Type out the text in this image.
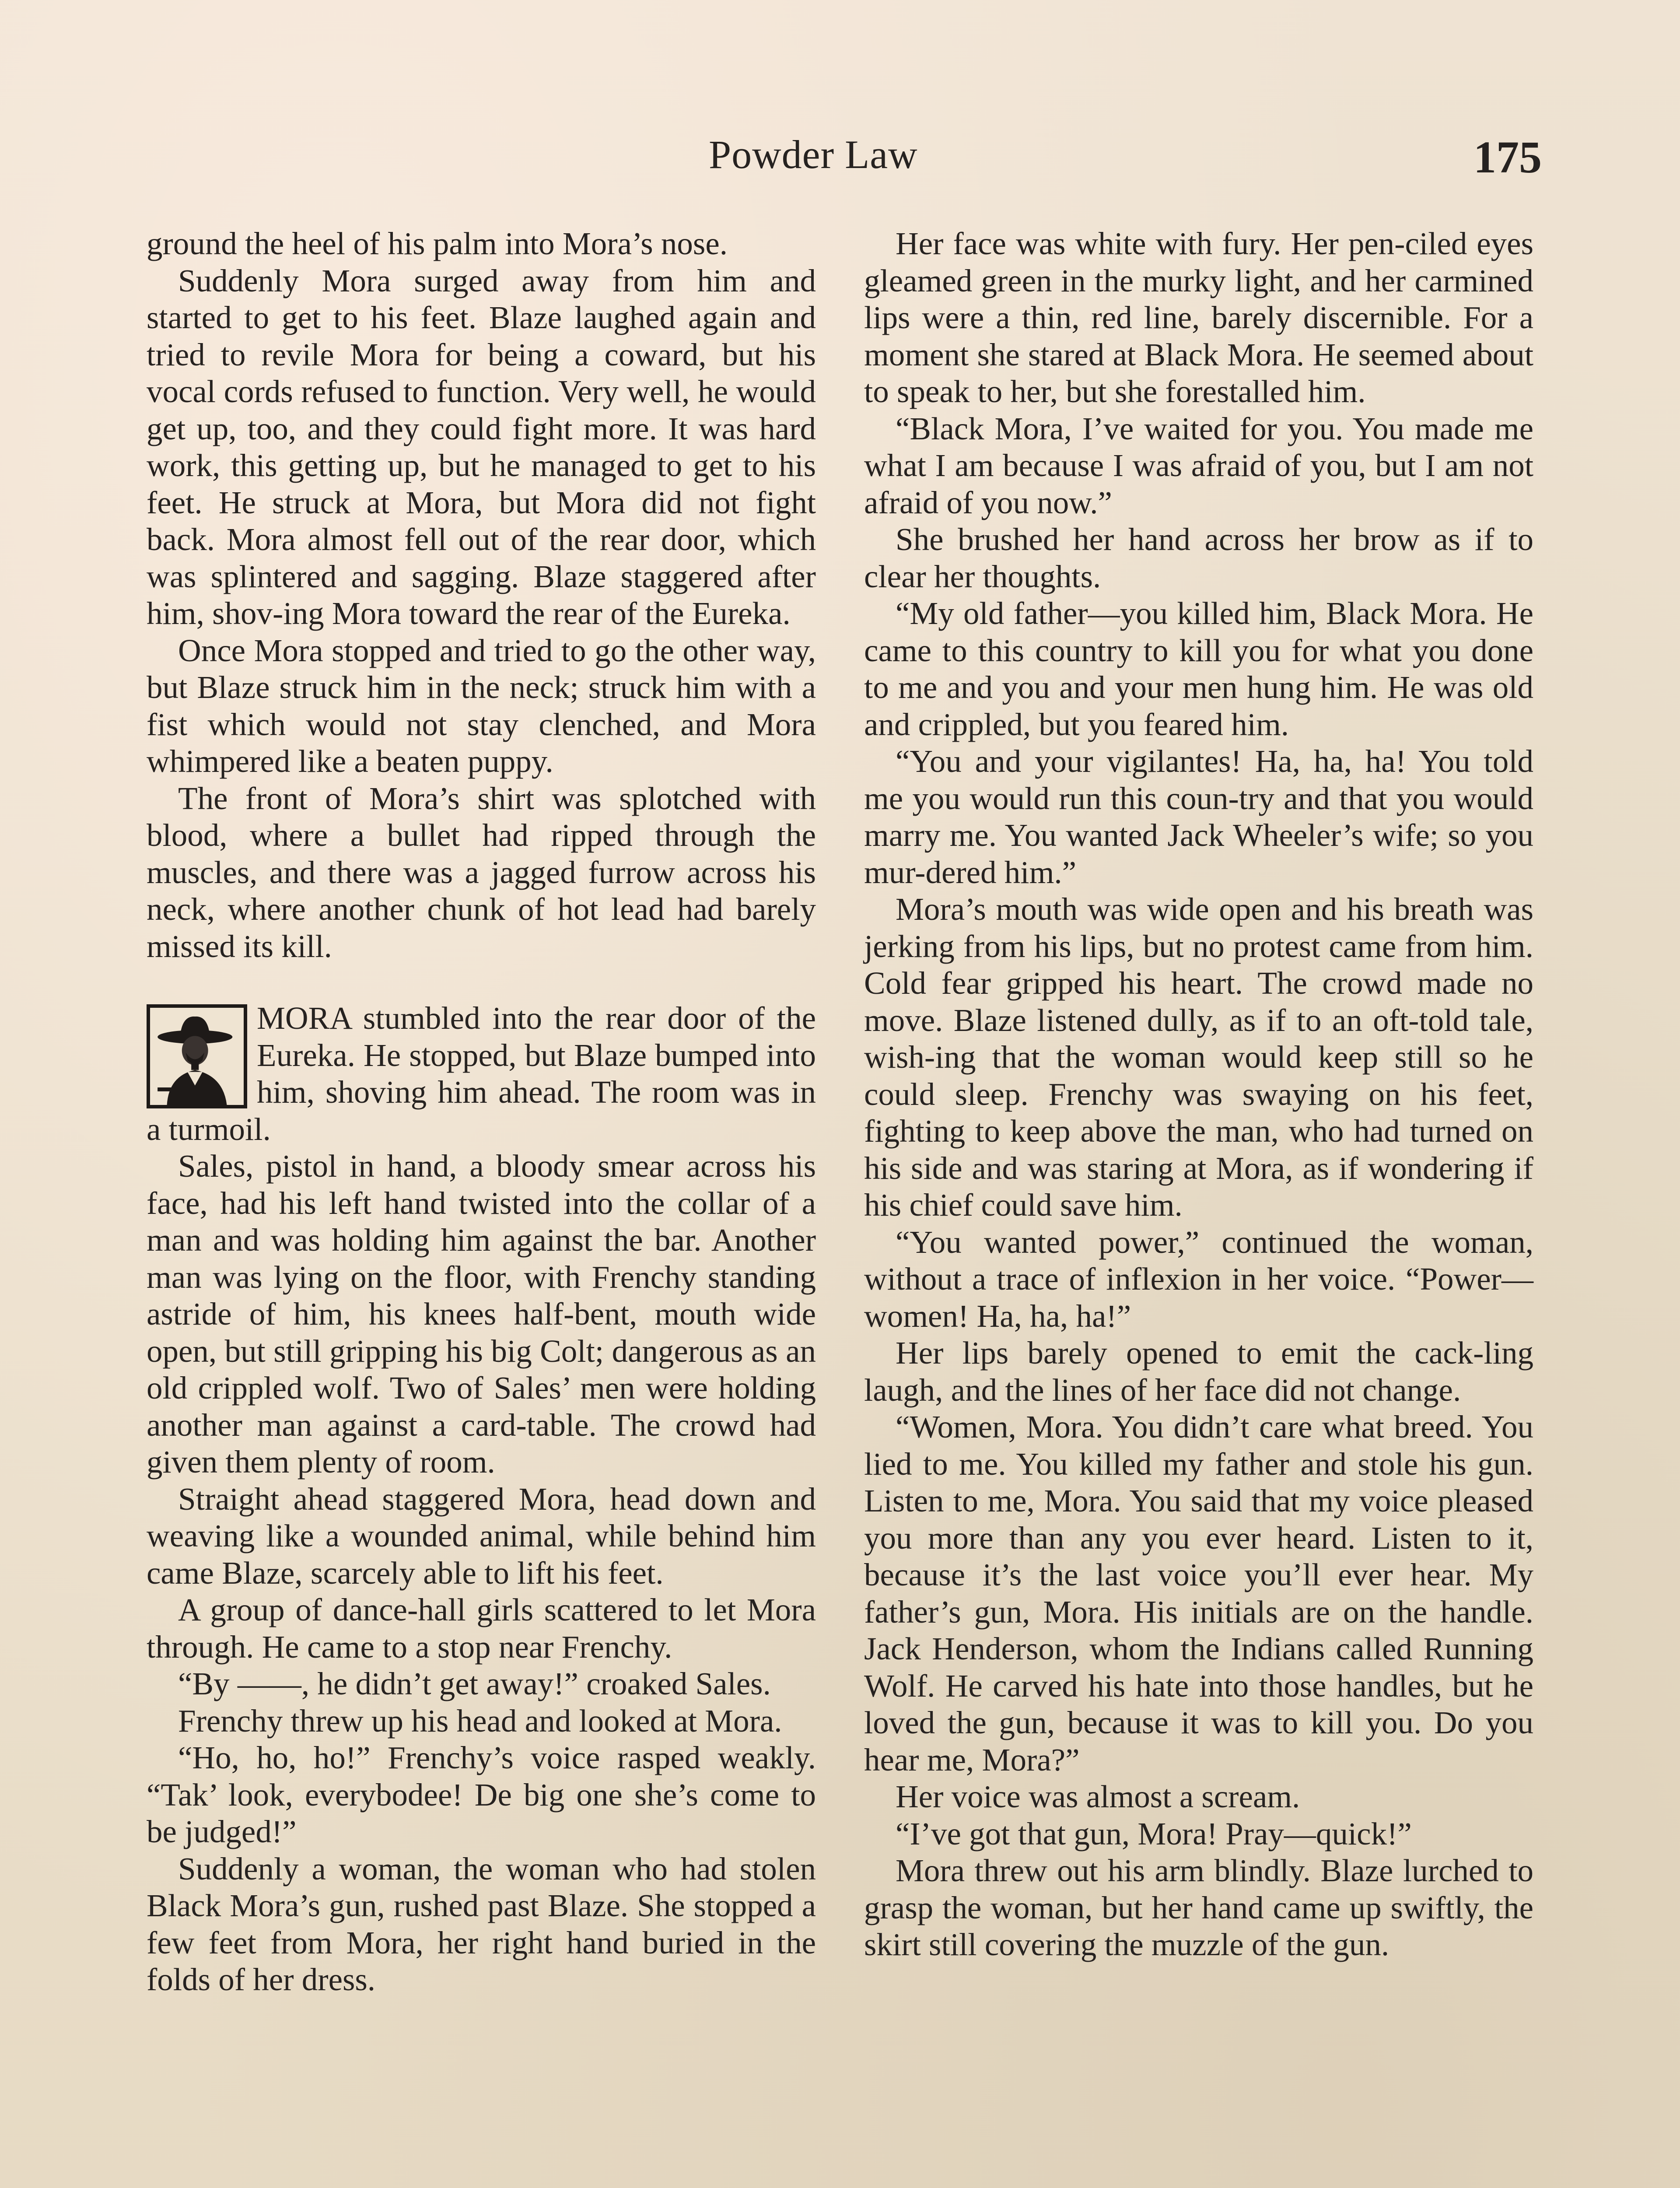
Powder Law	175

ground the heel of his palm into Mora’s nose.

Suddenly Mora surged away from him and started to get to his feet. Blaze laughed again and tried to revile Mora for being a coward, but his vocal cords refused to function. Very well, he would get up, too, and they could fight more. It was hard work, this getting up, but he managed to get to his feet. He struck at Mora, but Mora did not fight back. Mora almost fell out of the rear door, which was splintered and sagging. Blaze staggered after him, shov-ing Mora toward the rear of the Eureka.

Once Mora stopped and tried to go the other way, but Blaze struck him in the neck; struck him with a fist which would not stay clenched, and Mora whimpered like a beaten puppy.

The front of Mora’s shirt was splotched with blood, where a bullet had ripped through the muscles, and there was a jagged furrow across his neck, where another chunk of hot lead had barely missed its kill.

MORA stumbled into the rear door of the Eureka. He stopped, but Blaze bumped into him, shoving him ahead. The room was in a turmoil.

Sales, pistol in hand, a bloody smear across his face, had his left hand twisted into the collar of a man and was holding him against the bar. Another man was lying on the floor, with Frenchy standing astride of him, his knees half-bent, mouth wide open, but still gripping his big Colt; dangerous as an old crippled wolf. Two of Sales’ men were holding another man against a card-table. The crowd had given them plenty of room.

Straight ahead staggered Mora, head down and weaving like a wounded animal, while behind him came Blaze, scarcely able to lift his feet.

A group of dance-hall girls scattered to let Mora through. He came to a stop near Frenchy.

“By ——, he didn’t get away!” croaked Sales.

Frenchy threw up his head and looked at Mora.

“Ho, ho, ho!” Frenchy’s voice rasped weakly. “Tak’ look, everybodee! De big one she’s come to be judged!”

Suddenly a woman, the woman who had stolen Black Mora’s gun, rushed past Blaze. She stopped a few feet from Mora, her right hand buried in the folds of her dress.

Her face was white with fury. Her pen-ciled eyes gleamed green in the murky light, and her carmined lips were a thin, red line, barely discernible. For a moment she stared at Black Mora. He seemed about to speak to her, but she forestalled him.

“Black Mora, I’ve waited for you. You made me what I am because I was afraid of you, but I am not afraid of you now.”

She brushed her hand across her brow as if to clear her thoughts.

“My old father—you killed him, Black Mora. He came to this country to kill you for what you done to me and you and your men hung him. He was old and crippled, but you feared him.

“You and your vigilantes! Ha, ha, ha! You told me you would run this coun-try and that you would marry me. You wanted Jack Wheeler’s wife; so you mur-dered him.”

Mora’s mouth was wide open and his breath was jerking from his lips, but no protest came from him. Cold fear gripped his heart. The crowd made no move. Blaze listened dully, as if to an oft-told tale, wish-ing that the woman would keep still so he could sleep. Frenchy was swaying on his feet, fighting to keep above the man, who had turned on his side and was staring at Mora, as if wondering if his chief could save him.

“You wanted power,” continued the woman, without a trace of inflexion in her voice. “Power—women! Ha, ha, ha!”

Her lips barely opened to emit the cack-ling laugh, and the lines of her face did not change.

“Women, Mora. You didn’t care what breed. You lied to me. You killed my father and stole his gun. Listen to me, Mora. You said that my voice pleased you more than any you ever heard. Listen to it, because it’s the last voice you’ll ever hear. My father’s gun, Mora. His initials are on the handle. Jack Henderson, whom the Indians called Running Wolf. He carved his hate into those handles, but he loved the gun, because it was to kill you. Do you hear me, Mora?”

Her voice was almost a scream.

“I’ve got that gun, Mora! Pray—quick!”

Mora threw out his arm blindly. Blaze lurched to grasp the woman, but her hand came up swiftly, the skirt still covering the muzzle of the gun.
